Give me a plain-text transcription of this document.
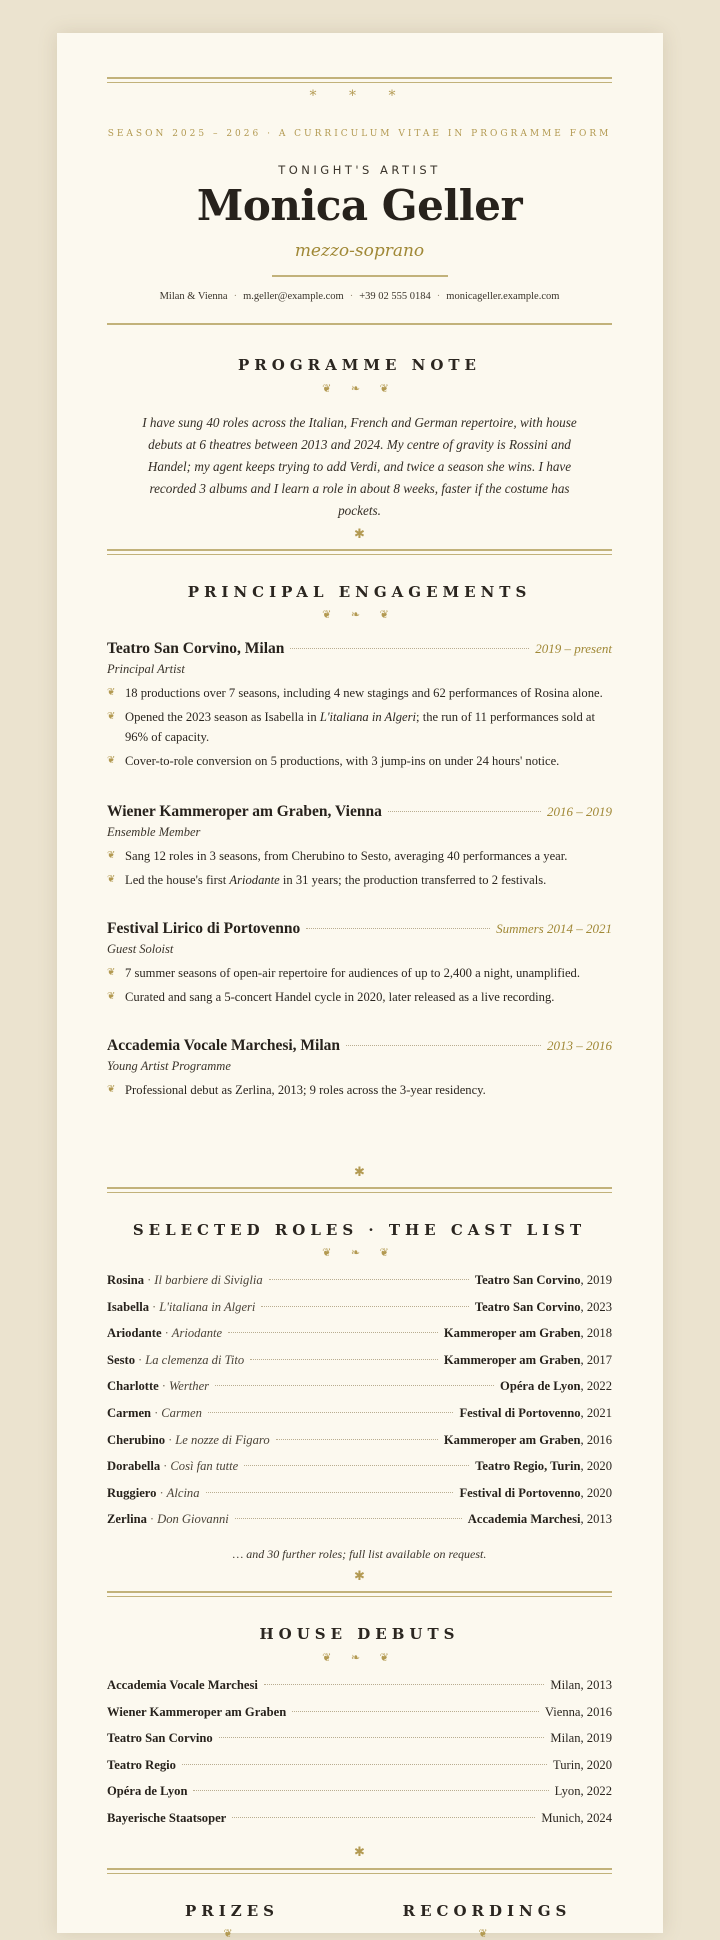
* * *
SEASON 2025 – 2026 · A CURRICULUM VITAE IN PROGRAMME FORM
TONIGHT'S ARTIST
Monica Geller
mezzo-soprano
Milan & Vienna · m.geller@example.com · +39 02 555 0184 · monicageller.example.com
PROGRAMME NOTE
❦ ❧ ❦
I have sung 40 roles across the Italian, French and German repertoire, with house debuts at 6 theatres between 2013 and 2024. My centre of gravity is Rossini and Handel; my agent keeps trying to add Verdi, and twice a season she wins. I have recorded 3 albums and I learn a role in about 8 weeks, faster if the costume has pockets.
✱
PRINCIPAL ENGAGEMENTS
❦ ❧ ❦
Teatro San Corvino, Milan	2019 – present
Principal Artist
❦ 18 productions over 7 seasons, including 4 new stagings and 62 performances of Rosina alone.
❦ Opened the 2023 season as Isabella in L'italiana in Algeri; the run of 11 performances sold at 96% of capacity.
❦ Cover-to-role conversion on 5 productions, with 3 jump-ins on under 24 hours' notice.
Wiener Kammeroper am Graben, Vienna	2016 – 2019
Ensemble Member
❦ Sang 12 roles in 3 seasons, from Cherubino to Sesto, averaging 40 performances a year.
❦ Led the house's first Ariodante in 31 years; the production transferred to 2 festivals.
Festival Lirico di Portovenno	Summers 2014 – 2021
Guest Soloist
❦ 7 summer seasons of open-air repertoire for audiences of up to 2,400 a night, unamplified.
❦ Curated and sang a 5-concert Handel cycle in 2020, later released as a live recording.
Accademia Vocale Marchesi, Milan	2013 – 2016
Young Artist Programme
❦ Professional debut as Zerlina, 2013; 9 roles across the 3-year residency.
✱
SELECTED ROLES · THE CAST LIST
❦ ❧ ❦
Rosina · Il barbiere di Siviglia	Teatro San Corvino , 2019
Isabella · L'italiana in Algeri	Teatro San Corvino , 2023
Ariodante · Ariodante	Kammeroper am Graben , 2018
Sesto · La clemenza di Tito	Kammeroper am Graben , 2017
Charlotte · Werther	Opéra de Lyon , 2022
Carmen · Carmen	Festival di Portovenno , 2021
Cherubino · Le nozze di Figaro	Kammeroper am Graben , 2016
Dorabella · Così fan tutte	Teatro Regio, Turin , 2020
Ruggiero · Alcina	Festival di Portovenno , 2020
Zerlina · Don Giovanni	Accademia Marchesi , 2013
… and 30 further roles; full list available on request.
✱
HOUSE DEBUTS
❦ ❧ ❦
Accademia Vocale Marchesi	Milan, 2013
Wiener Kammeroper am Graben	Vienna, 2016
Teatro San Corvino	Milan, 2019
Teatro Regio	Turin, 2020
Opéra de Lyon	Lyon, 2022
Bayerische Staatsoper	Munich, 2024
✱
PRIZES	RECORDINGS
❦	❦
